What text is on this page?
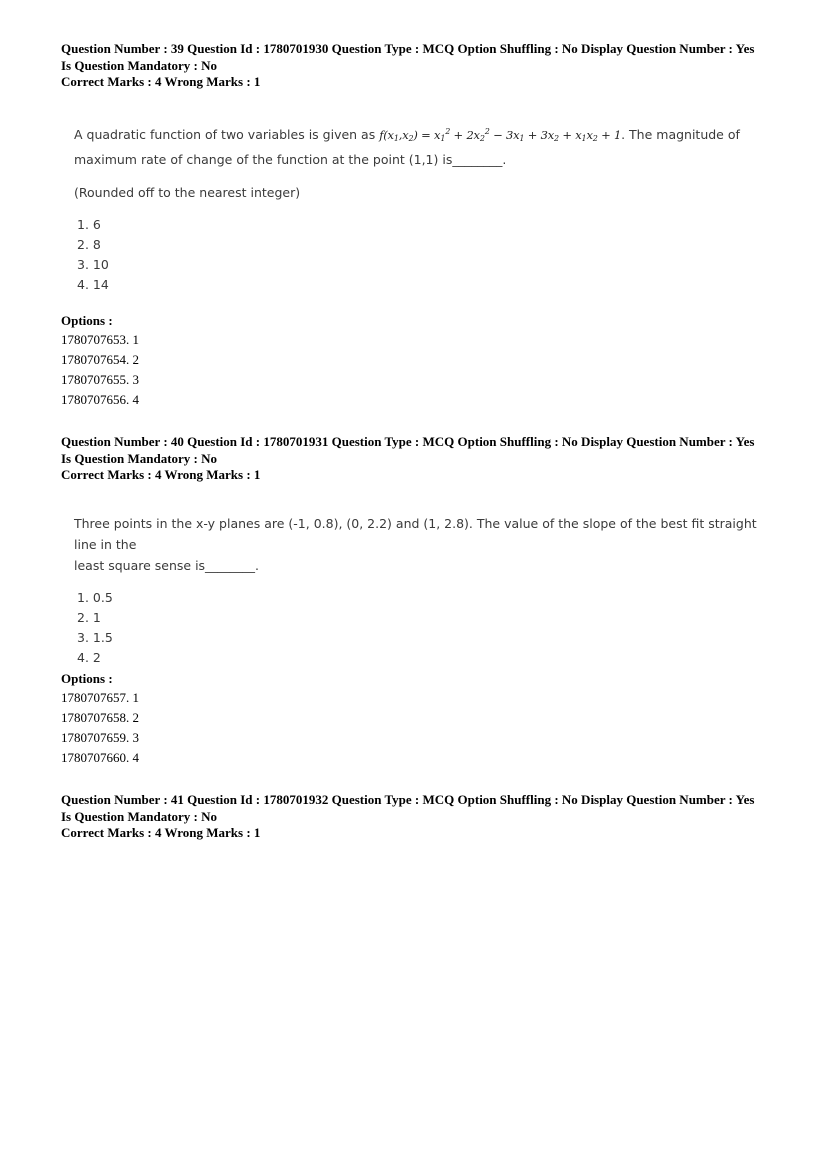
Question Number : 39 Question Id : 1780701930 Question Type : MCQ Option Shuffling : No Display Question Number : Yes

Is Question Mandatory : No

Correct Marks : 4 Wrong Marks : 1

A quadratic function of two variables is given as $f(x_1,x_2) = x_1^2 + 2x_2^2 - 3x_1 + 3x_2 + x_1x_2 + 1$. The magnitude of

maximum rate of change of the function at the point (1,1) is________.

(Rounded off to the nearest integer)

1. 6
2. 8
3. 10
4. 14

Options :

1780707653. 1
1780707654. 2
1780707655. 3
1780707656. 4

Question Number : 40 Question Id : 1780701931 Question Type : MCQ Option Shuffling : No Display Question Number : Yes

Is Question Mandatory : No

Correct Marks : 4 Wrong Marks : 1

Three points in the x-y planes are (-1, 0.8), (0, 2.2) and (1, 2.8). The value of the slope of the best fit straight line in the

least square sense is________.

1. 0.5
2. 1
3. 1.5
4. 2

Options :

1780707657. 1
1780707658. 2
1780707659. 3
1780707660. 4

Question Number : 41 Question Id : 1780701932 Question Type : MCQ Option Shuffling : No Display Question Number : Yes

Is Question Mandatory : No

Correct Marks : 4 Wrong Marks : 1
